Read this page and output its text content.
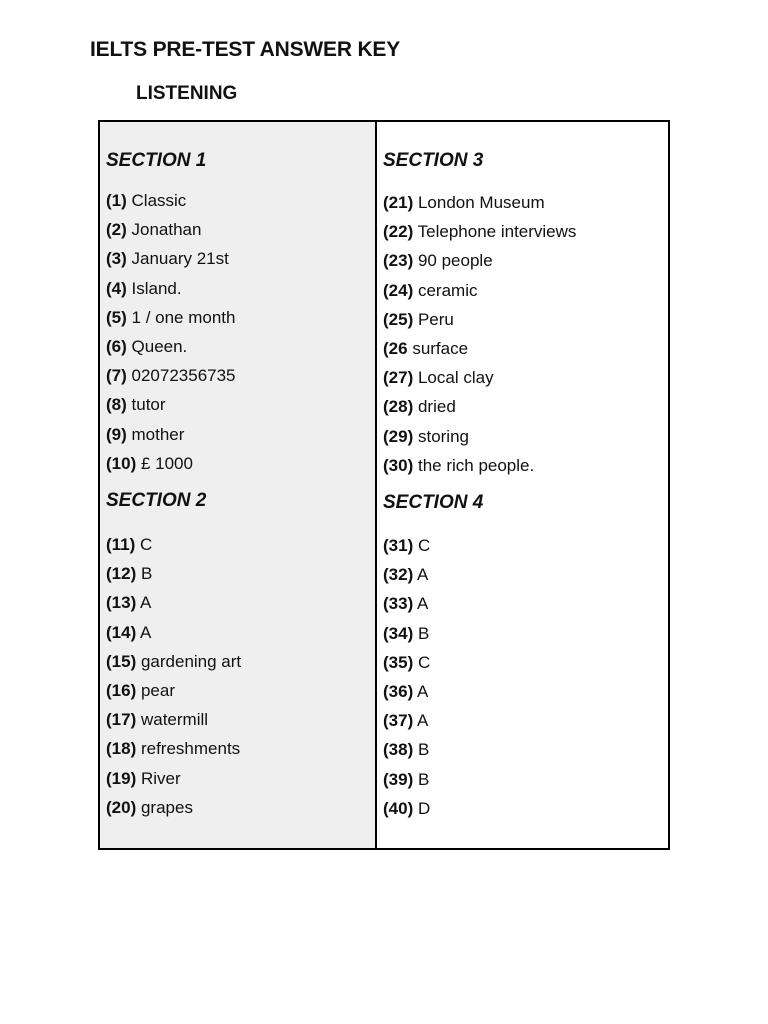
IELTS PRE-TEST ANSWER KEY
LISTENING
SECTION 1
(1) Classic
(2) Jonathan
(3) January 21st
(4) Island.
(5) 1 / one month
(6) Queen.
(7) 02072356735
(8) tutor
(9) mother
(10) £ 1000
SECTION 2
(11) C
(12) B
(13) A
(14) A
(15) gardening art
(16) pear
(17) watermill
(18) refreshments
(19) River
(20) grapes
SECTION 3
(21) London Museum
(22) Telephone interviews
(23) 90 people
(24) ceramic
(25) Peru
(26 surface
(27) Local clay
(28) dried
(29) storing
(30) the rich people.
SECTION 4
(31) C
(32) A
(33) A
(34) B
(35) C
(36) A
(37) A
(38) B
(39) B
(40) D
